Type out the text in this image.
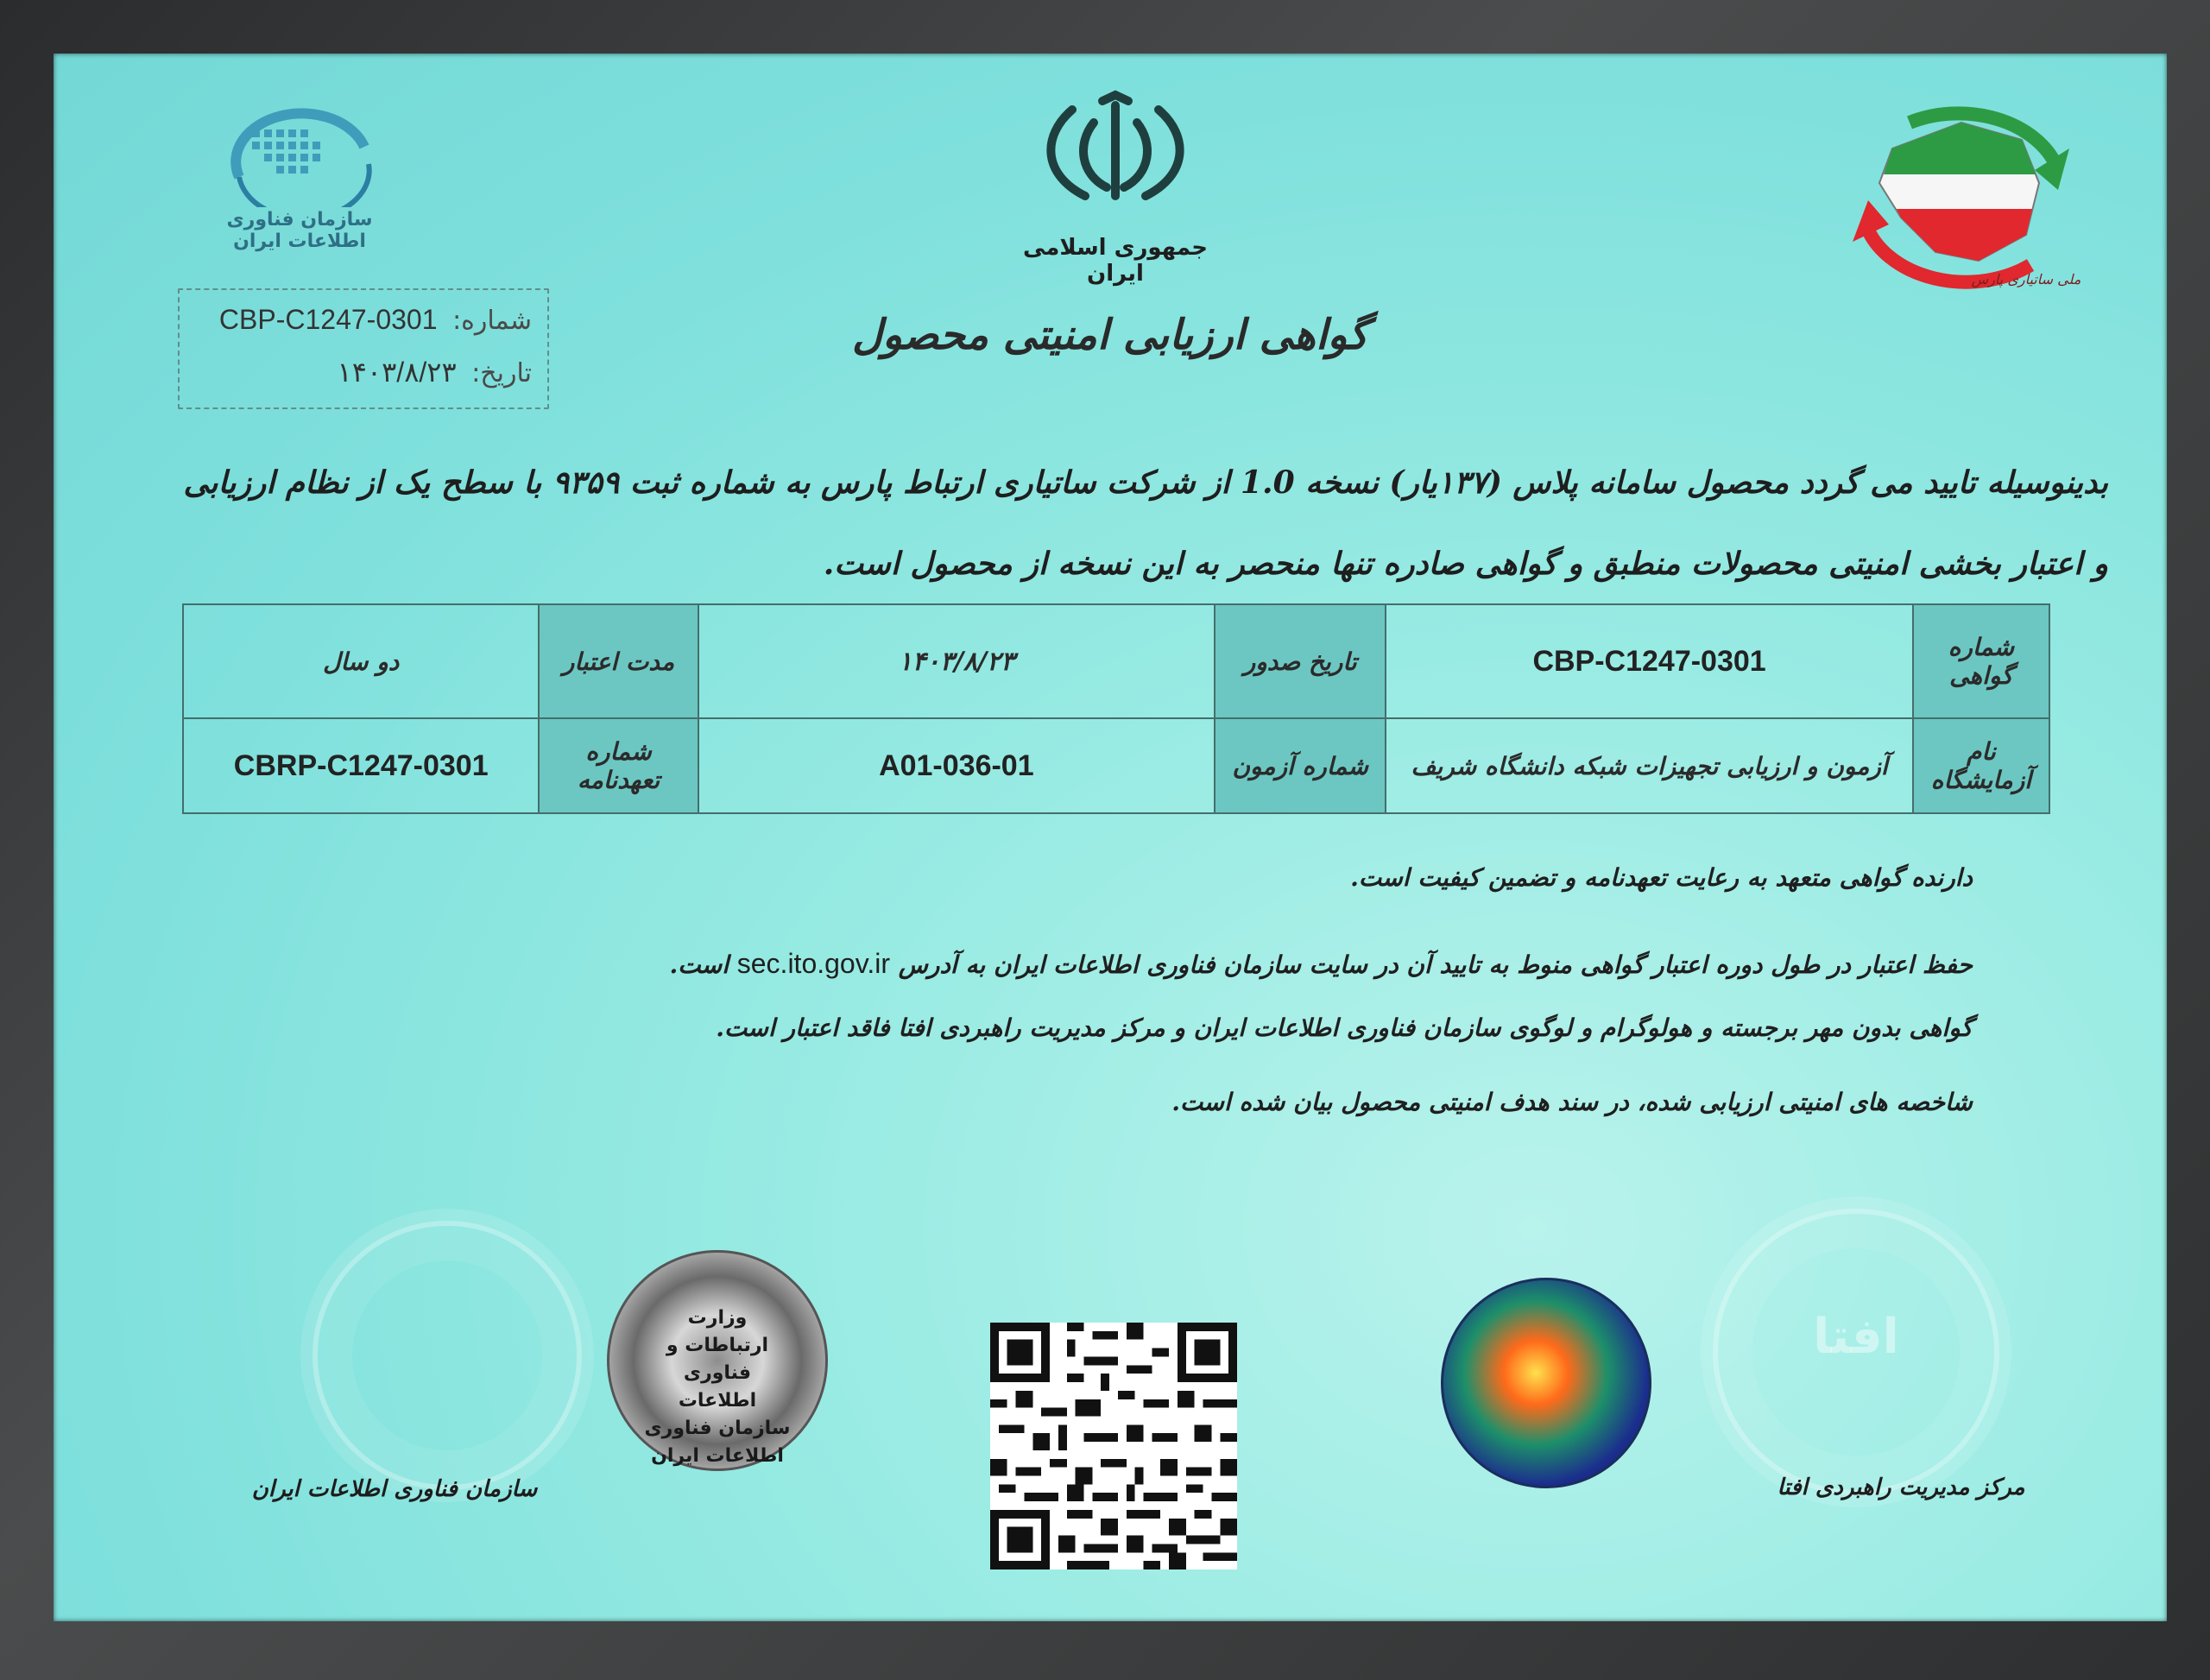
سازمان فناوری اطلاعات ایران	جمهوری اسلامی ایران	ملی ساتیاری پارس
شماره: CBP-C1247-0301
تاریخ: ۱۴۰۳/۸/۲۳
گواهی ارزیابی امنیتی محصول
بدینوسیله تایید می گردد محصول سامانه پلاس (۱۳۷یار) نسخه 1.0 از شرکت ساتیاری ارتباط پارس به شماره ثبت ۹۳۵۹ با سطح یک از نظام ارزیابی و اعتبار بخشی امنیتی محصولات منطبق و گواهی صادره تنها منحصر به این نسخه از محصول است.
شماره گواهی	CBP-C1247-0301	تاریخ صدور	۱۴۰۳/۸/۲۳	مدت اعتبار	دو سال
نام آزمایشگاه	آزمون و ارزیابی تجهیزات شبکه دانشگاه شریف	شماره آزمون	A01-036-01	شماره تعهدنامه	CBRP-C1247-0301
دارنده گواهی متعهد به رعایت تعهدنامه و تضمین کیفیت است.
حفظ اعتبار در طول دوره اعتبار گواهی منوط به تایید آن در سایت سازمان فناوری اطلاعات ایران به آدرس sec.ito.gov.ir است.
گواهی بدون مهر برجسته و هولوگرام و لوگوی سازمان فناوری اطلاعات ایران و مرکز مدیریت راهبردی افتا فاقد اعتبار است.
شاخصه های امنیتی ارزیابی شده، در سند هدف امنیتی محصول بیان شده است.
افتا
وزارت ارتباطات و فناوری اطلاعات سازمان فناوری اطلاعات ایران
سازمان فناوری اطلاعات ایران	مرکز مدیریت راهبردی افتا
